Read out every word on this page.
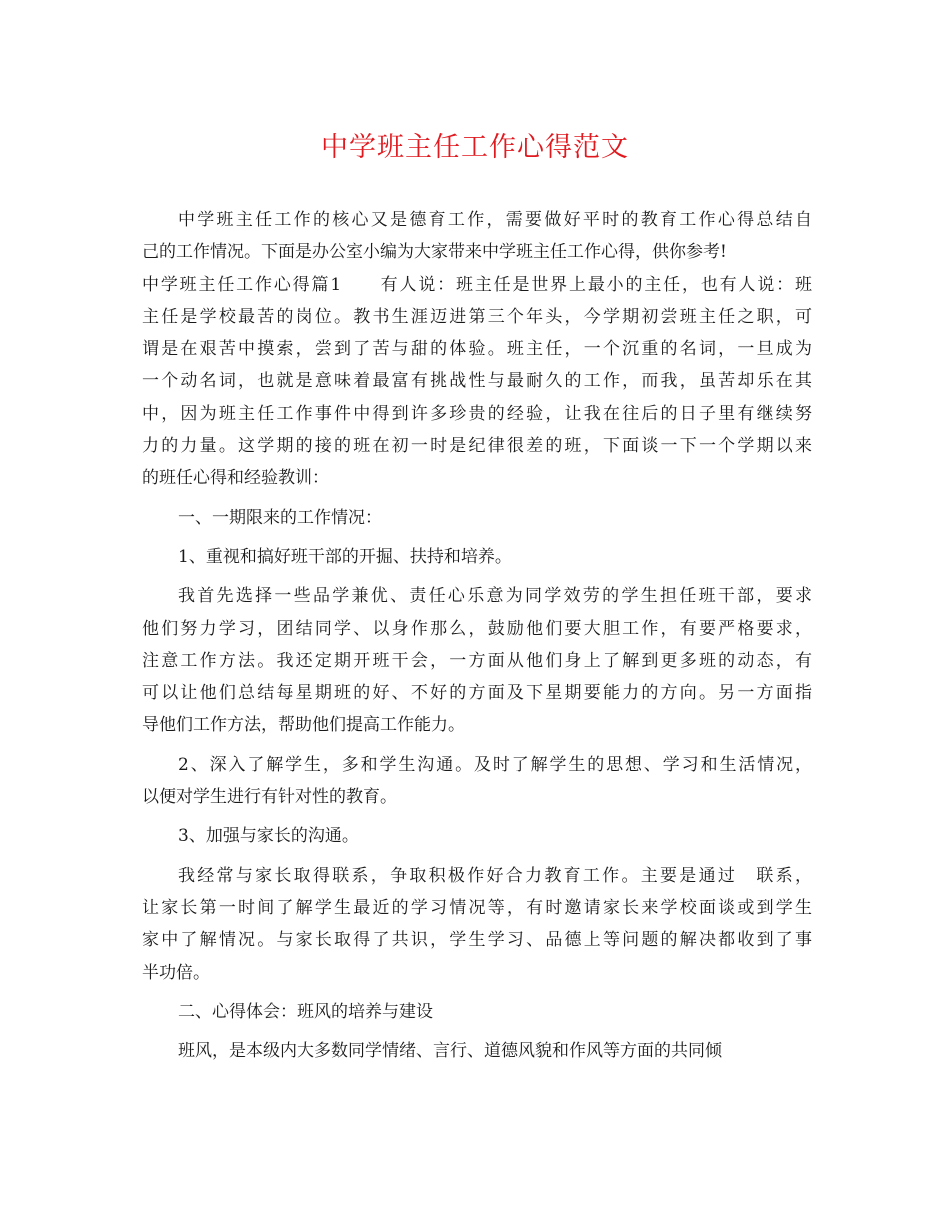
中学班主任工作心得范文
中学班主任工作的核心又是德育工作，需要做好平时的教育工作心得总结自
己的工作情况。下面是办公室小编为大家带来中学班主任工作心得，供你参考!
中学班主任工作心得篇1　　有人说：班主任是世界上最小的主任，也有人说：班
主任是学校最苦的岗位。教书生涯迈进第三个年头，今学期初尝班主任之职，可
谓是在艰苦中摸索，尝到了苦与甜的体验。班主任，一个沉重的名词，一旦成为
一个动名词，也就是意味着最富有挑战性与最耐久的工作，而我，虽苦却乐在其
中，因为班主任工作事件中得到许多珍贵的经验，让我在往后的日子里有继续努
力的力量。这学期的接的班在初一时是纪律很差的班，下面谈一下一个学期以来
的班任心得和经验教训：
一、一期限来的工作情况：
1、重视和搞好班干部的开掘、扶持和培养。
我首先选择一些品学兼优、责任心乐意为同学效劳的学生担任班干部，要求
他们努力学习，团结同学、以身作那么，鼓励他们要大胆工作，有要严格要求，
注意工作方法。我还定期开班干会，一方面从他们身上了解到更多班的动态，有
可以让他们总结每星期班的好、不好的方面及下星期要能力的方向。另一方面指
导他们工作方法，帮助他们提高工作能力。
2、深入了解学生，多和学生沟通。及时了解学生的思想、学习和生活情况，
以便对学生进行有针对性的教育。
3、加强与家长的沟通。
我经常与家长取得联系，争取积极作好合力教育工作。主要是通过　联系，
让家长第一时间了解学生最近的学习情况等，有时邀请家长来学校面谈或到学生
家中了解情况。与家长取得了共识，学生学习、品德上等问题的解决都收到了事
半功倍。
二、心得体会：班风的培养与建设
班风，是本级内大多数同学情绪、言行、道德风貌和作风等方面的共同倾
